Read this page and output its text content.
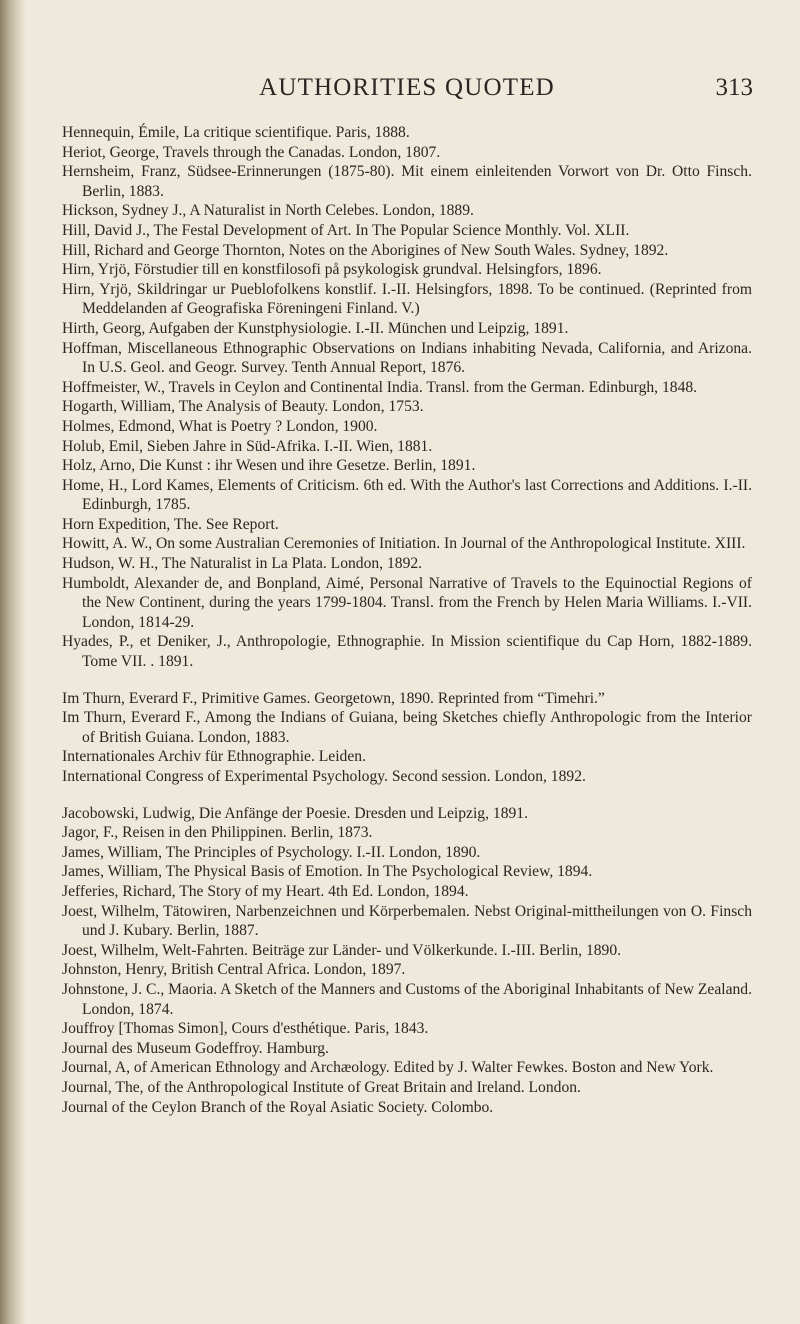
AUTHORITIES QUOTED	313

Hennequin, Émile, La critique scientifique. Paris, 1888.

Heriot, George, Travels through the Canadas. London, 1807.

Hernsheim, Franz, Südsee-Erinnerungen (1875-80). Mit einem einleitenden Vorwort von Dr. Otto Finsch. Berlin, 1883.

Hickson, Sydney J., A Naturalist in North Celebes. London, 1889.

Hill, David J., The Festal Development of Art. In The Popular Science Monthly. Vol. XLII.

Hill, Richard and George Thornton, Notes on the Aborigines of New South Wales. Sydney, 1892.

Hirn, Yrjö, Förstudier till en konstfilosofi på psykologisk grundval. Helsingfors, 1896.

Hirn, Yrjö, Skildringar ur Pueblofolkens konstlif. I.-II. Helsingfors, 1898. To be continued. (Reprinted from Meddelanden af Geografiska Föreningeni Finland. V.)

Hirth, Georg, Aufgaben der Kunstphysiologie. I.-II. München und Leipzig, 1891.

Hoffman, Miscellaneous Ethnographic Observations on Indians inhabiting Nevada, California, and Arizona. In U.S. Geol. and Geogr. Survey. Tenth Annual Report, 1876.

Hoffmeister, W., Travels in Ceylon and Continental India. Transl. from the German. Edinburgh, 1848.

Hogarth, William, The Analysis of Beauty. London, 1753.

Holmes, Edmond, What is Poetry ? London, 1900.

Holub, Emil, Sieben Jahre in Süd-Afrika. I.-II. Wien, 1881.

Holz, Arno, Die Kunst : ihr Wesen und ihre Gesetze. Berlin, 1891.

Home, H., Lord Kames, Elements of Criticism. 6th ed. With the Author's last Corrections and Additions. I.-II. Edinburgh, 1785.

Horn Expedition, The. See Report.

Howitt, A. W., On some Australian Ceremonies of Initiation. In Journal of the Anthropological Institute. XIII.

Hudson, W. H., The Naturalist in La Plata. London, 1892.

Humboldt, Alexander de, and Bonpland, Aimé, Personal Narrative of Travels to the Equinoctial Regions of the New Continent, during the years 1799-1804. Transl. from the French by Helen Maria Williams. I.-VII. London, 1814-29.

Hyades, P., et Deniker, J., Anthropologie, Ethnographie. In Mission scientifique du Cap Horn, 1882-1889. Tome VII. . 1891.

Im Thurn, Everard F., Primitive Games. Georgetown, 1890. Reprinted from “Timehri.”

Im Thurn, Everard F., Among the Indians of Guiana, being Sketches chiefly Anthropologic from the Interior of British Guiana. London, 1883.

Internationales Archiv für Ethnographie. Leiden.

International Congress of Experimental Psychology. Second session. London, 1892.

Jacobowski, Ludwig, Die Anfänge der Poesie. Dresden und Leipzig, 1891.

Jagor, F., Reisen in den Philippinen. Berlin, 1873.

James, William, The Principles of Psychology. I.-II. London, 1890.

James, William, The Physical Basis of Emotion. In The Psychological Review, 1894.

Jefferies, Richard, The Story of my Heart. 4th Ed. London, 1894.

Joest, Wilhelm, Tätowiren, Narbenzeichnen und Körperbemalen. Nebst Original-mittheilungen von O. Finsch und J. Kubary. Berlin, 1887.

Joest, Wilhelm, Welt-Fahrten. Beiträge zur Länder- und Völkerkunde. I.-III. Berlin, 1890.

Johnston, Henry, British Central Africa. London, 1897.

Johnstone, J. C., Maoria. A Sketch of the Manners and Customs of the Aboriginal Inhabitants of New Zealand. London, 1874.

Jouffroy [Thomas Simon], Cours d'esthétique. Paris, 1843.

Journal des Museum Godeffroy. Hamburg.

Journal, A, of American Ethnology and Archæology. Edited by J. Walter Fewkes. Boston and New York.

Journal, The, of the Anthropological Institute of Great Britain and Ireland. London.

Journal of the Ceylon Branch of the Royal Asiatic Society. Colombo.
